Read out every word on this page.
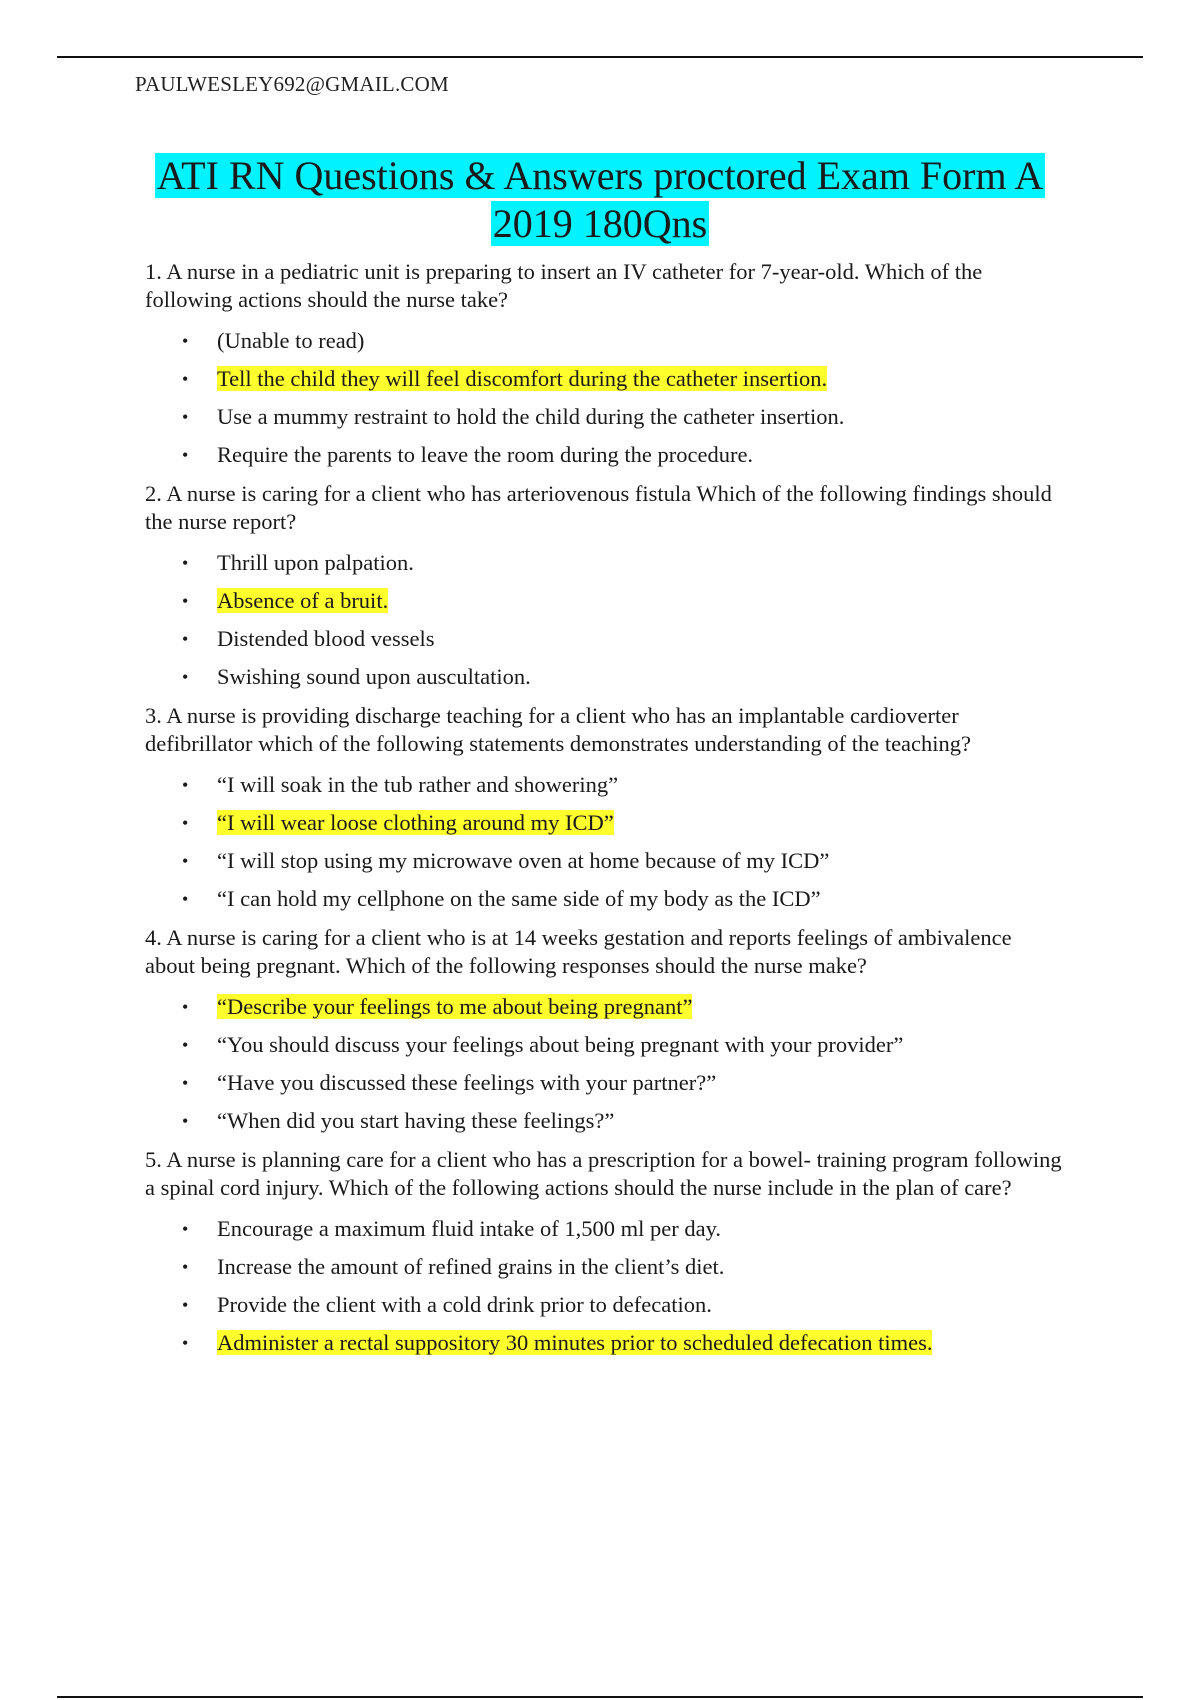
PAULWESLEY692@GMAIL.COM
ATI RN Questions & Answers proctored Exam Form A
2019 180Qns

1. A nurse in a pediatric unit is preparing to insert an IV catheter for 7-year-old. Which of the following actions should the nurse take?

• (Unable to read)
• Tell the child they will feel discomfort during the catheter insertion.
• Use a mummy restraint to hold the child during the catheter insertion.
• Require the parents to leave the room during the procedure.

2. A nurse is caring for a client who has arteriovenous fistula Which of the following findings should the nurse report?

• Thrill upon palpation.
• Absence of a bruit.
• Distended blood vessels
• Swishing sound upon auscultation.

3. A nurse is providing discharge teaching for a client who has an implantable cardioverter defibrillator which of the following statements demonstrates understanding of the teaching?

• “I will soak in the tub rather and showering”
• “I will wear loose clothing around my ICD”
• “I will stop using my microwave oven at home because of my ICD”
• “I can hold my cellphone on the same side of my body as the ICD”

4. A nurse is caring for a client who is at 14 weeks gestation and reports feelings of ambivalence about being pregnant. Which of the following responses should the nurse make?

• “Describe your feelings to me about being pregnant”
• “You should discuss your feelings about being pregnant with your provider”
• “Have you discussed these feelings with your partner?”
• “When did you start having these feelings?”

5. A nurse is planning care for a client who has a prescription for a bowel- training program following a spinal cord injury. Which of the following actions should the nurse include in the plan of care?

• Encourage a maximum fluid intake of 1,500 ml per day.
• Increase the amount of refined grains in the client’s diet.
• Provide the client with a cold drink prior to defecation.
• Administer a rectal suppository 30 minutes prior to scheduled defecation times.
